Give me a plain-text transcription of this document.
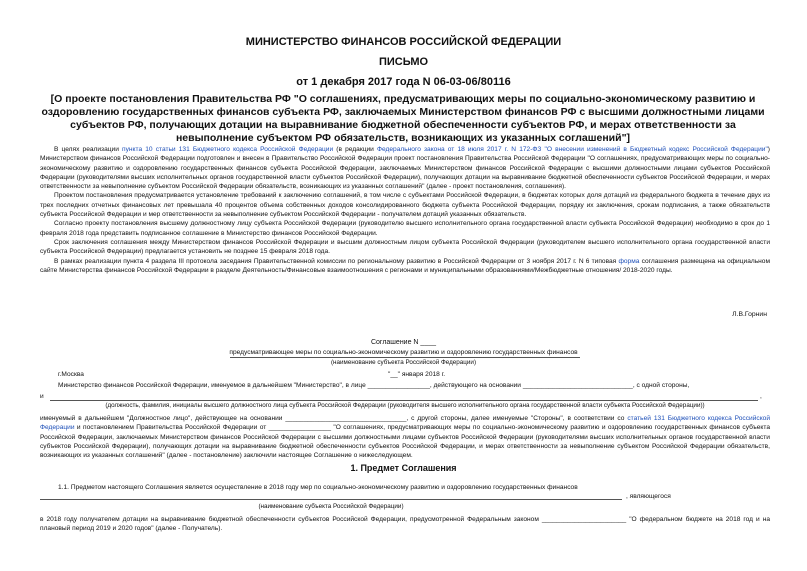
МИНИСТЕРСТВО ФИНАНСОВ РОССИЙСКОЙ ФЕДЕРАЦИИ
ПИСЬМО
от 1 декабря 2017 года N 06-03-06/80116
[О проекте постановления Правительства РФ "О соглашениях, предусматривающих меры по социально-экономическому развитию и оздоровлению государственных финансов субъекта РФ, заключаемых Министерством финансов РФ с высшими должностными лицами субъектов РФ, получающих дотации на выравнивание бюджетной обеспеченности субъектов РФ, и мерах ответственности за невыполнение субъектом РФ обязательств, возникающих из указанных соглашений"]

В целях реализации пункта 10 статьи 131 Бюджетного кодекса Российской Федерации (в редакции Федерального закона от 18 июля 2017 г. N 172-ФЗ "О внесении изменений в Бюджетный кодекс Российской Федерации") Министерством финансов Российской Федерации подготовлен и внесен в Правительство Российской Федерации проект постановления Правительства Российской Федерации "О соглашениях, предусматривающих меры по социально-экономическому развитию и оздоровлению государственных финансов субъекта Российской Федерации, заключаемых Министерством финансов Российской Федерации с высшими должностными лицами субъектов Российской Федерации (руководителями высших исполнительных органов государственной власти субъектов Российской Федерации), получающих дотации на выравнивание бюджетной обеспеченности субъектов Российской Федерации, и мерах ответственности за невыполнение субъектом Российской Федерации обязательств, возникающих из указанных соглашений" (далее - проект постановления, соглашения).

Проектом постановления предусматривается установление требований к заключению соглашений, в том числе с субъектами Российской Федерации, в бюджетах которых доля дотаций из федерального бюджета в течение двух из трех последних отчетных финансовых лет превышала 40 процентов объема собственных доходов консолидированного бюджета субъекта Российской Федерации, порядку их заключения, срокам подписания, а также обязательств субъекта Российской Федерации и мер ответственности за невыполнение субъектом Российской Федерации - получателем дотаций указанных обязательств.

Согласно проекту постановления высшему должностному лицу субъекта Российской Федерации (руководителю высшего исполнительного органа государственной власти субъекта Российской Федерации) необходимо в срок до 1 февраля 2018 года представить подписанное соглашение в Министерство финансов Российской Федерации.

Срок заключения соглашения между Министерством финансов Российской Федерации и высшим должностным лицом субъекта Российской Федерации (руководителем высшего исполнительного органа государственной власти субъекта Российской Федерации) предлагается установить не позднее 15 февраля 2018 года.

В рамках реализации пункта 4 раздела III протокола заседания Правительственной комиссии по региональному развитию в Российской Федерации от 3 ноября 2017 г. N 6 типовая форма соглашения размещена на официальном сайте Министерства финансов Российской Федерации в разделе Деятельность/Финансовые взаимоотношения с регионами и муниципальными образованиями/Межбюджетные отношения/ 2018-2020 годы.

Л.В.Горнин
Соглашение N ____
предусматривающее меры по социально-экономическому развитию и оздоровлению государственных финансов
(наименование субъекта Российской Федерации)
г.Москва	"__" января 2018 г.
Министерство финансов Российской Федерации, именуемое в дальнейшем "Министерство", в лице _________________, действующего на основании ______________________________, с одной стороны,
и	,
(должность, фамилия, инициалы высшего должностного лица субъекта Российской Федерации (руководителя высшего исполнительного органа государственной власти субъекта Российской Федерации))
именуемый в дальнейшем "Должностное лицо", действующее на основании _________________________________, с другой стороны, далее именуемые "Стороны", в соответствии со статьей 131 Бюджетного кодекса Российской Федерации и постановлением Правительства Российской Федерации от _________________ "О соглашениях, предусматривающих меры по социально-экономическому развитию и оздоровлению государственных финансов субъекта Российской Федерации, заключаемых Министерством финансов Российской Федерации с высшими должностными лицами субъектов Российской Федерации (руководителями высших исполнительных органов государственной власти субъектов Российской Федерации), получающих дотации на выравнивание бюджетной обеспеченности субъектов Российской Федерации, и мерах ответственности за невыполнение субъектом Российской Федерации обязательств, возникающих из указанных соглашений" (далее - постановление) заключили настоящее Соглашение о нижеследующем.
1. Предмет Соглашения
1.1. Предметом настоящего Соглашения является осуществление в 2018 году мер по социально-экономическому развитию и оздоровлению государственных финансов
, являющегося
(наименование субъекта Российской Федерации)
в 2018 году получателем дотации на выравнивание бюджетной обеспеченности субъектов Российской Федерации, предусмотренной Федеральным законом _______________________ "О федеральном бюджете на 2018 год и на плановый период 2019 и 2020 годов" (далее - Получатель).
